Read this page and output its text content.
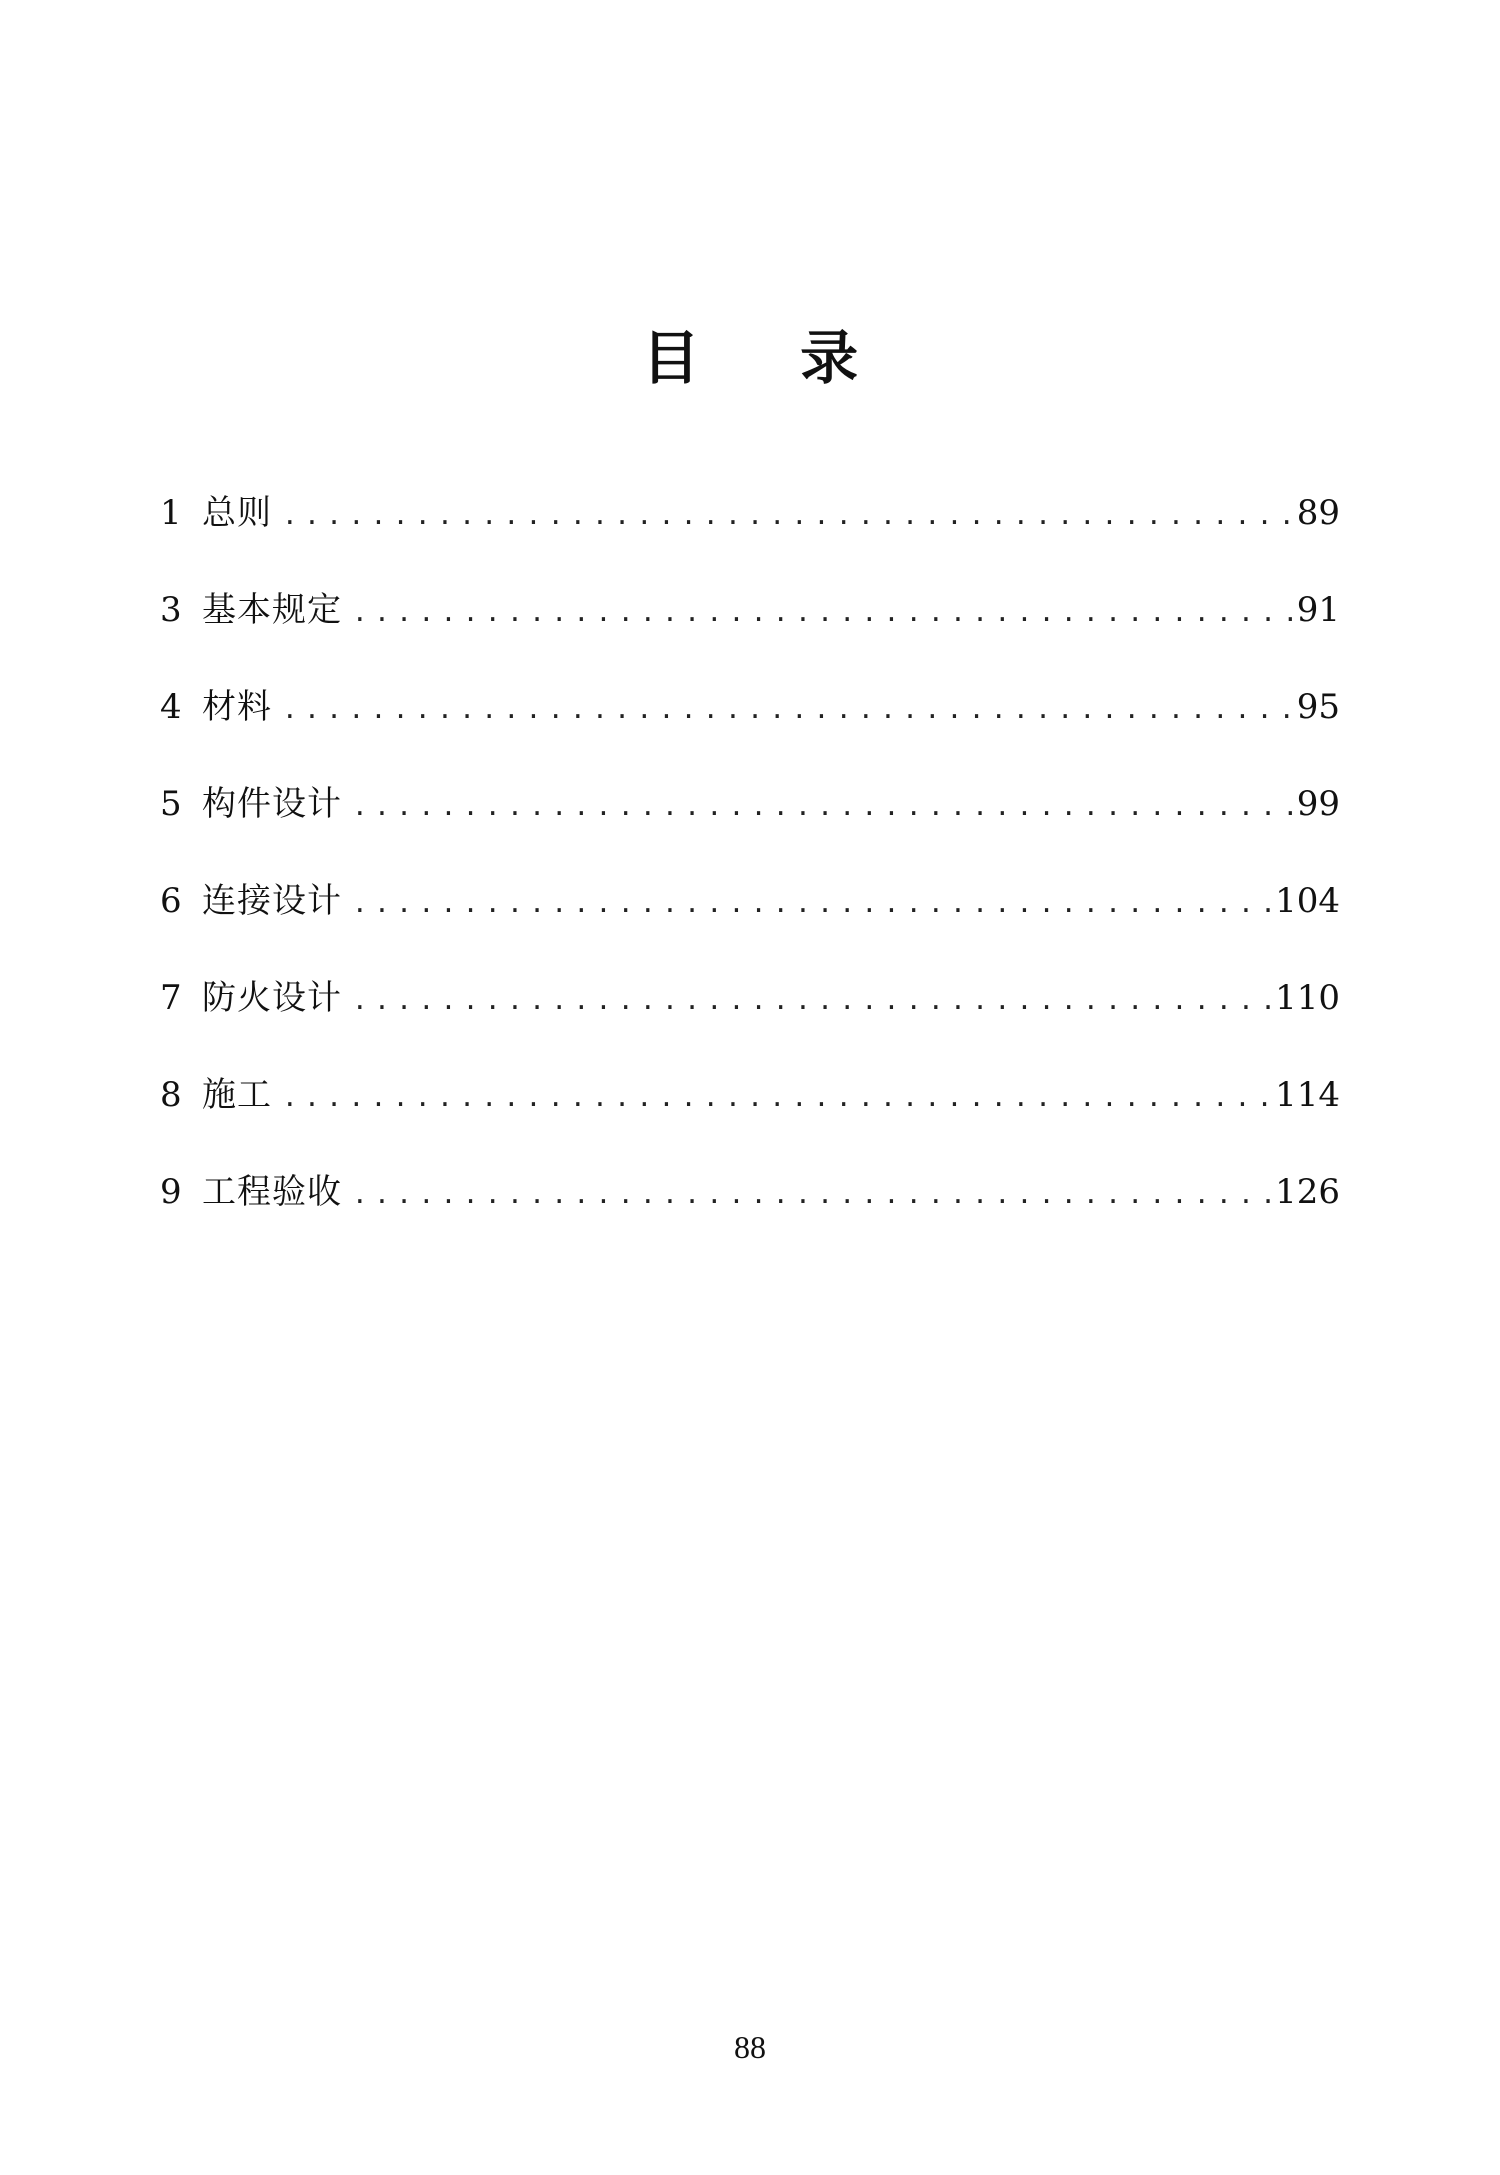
目 录
1 总则 .....	89
3 基本规定 .....	91
4 材料 .....	95
5 构件设计 .....	99
6 连接设计 .....	104
7 防火设计 .....	110
8 施工 .....	114
9 工程验收 .....	126
88
